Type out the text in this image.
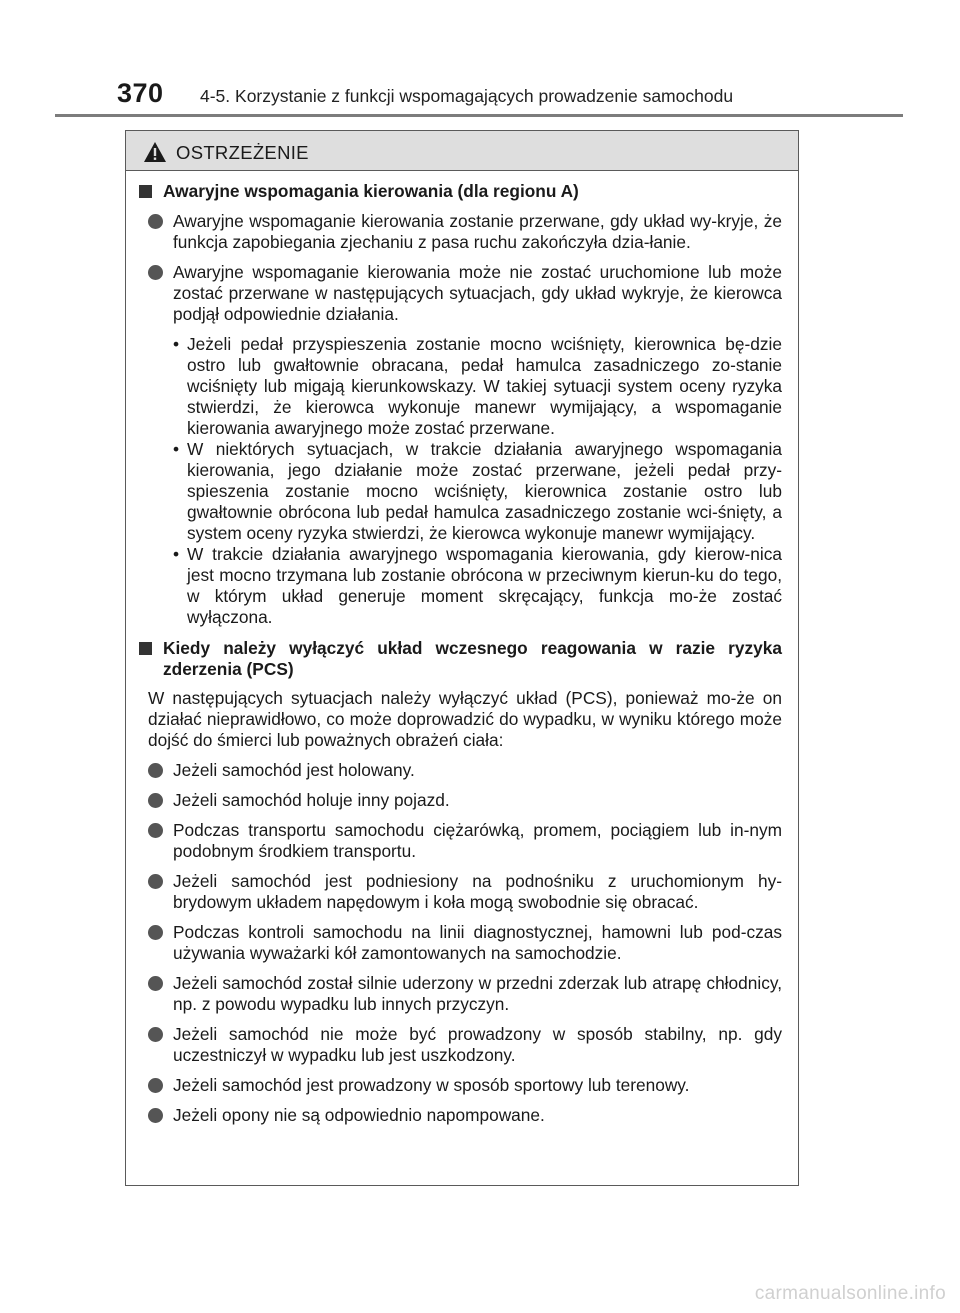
370 4-5. Korzystanie z funkcji wspomagających prowadzenie samochodu
OSTRZEŻENIE
Awaryjne wspomagania kierowania (dla regionu A)
Awaryjne wspomaganie kierowania zostanie przerwane, gdy układ wy-kryje, że funkcja zapobiegania zjechaniu z pasa ruchu zakończyła dzia-łanie.
Awaryjne wspomaganie kierowania może nie zostać uruchomione lub może zostać przerwane w następujących sytuacjach, gdy układ wykryje, że kierowca podjął odpowiednie działania.
• Jeżeli pedał przyspieszenia zostanie mocno wciśnięty, kierownica bę-dzie ostro lub gwałtownie obracana, pedał hamulca zasadniczego zo-stanie wciśnięty lub migają kierunkowskazy. W takiej sytuacji system oceny ryzyka stwierdzi, że kierowca wykonuje manewr wymijający, a wspomaganie kierowania awaryjnego może zostać przerwane.
• W niektórych sytuacjach, w trakcie działania awaryjnego wspomagania kierowania, jego działanie może zostać przerwane, jeżeli pedał przy-spieszenia zostanie mocno wciśnięty, kierownica zostanie ostro lub gwałtownie obrócona lub pedał hamulca zasadniczego zostanie wci-śnięty, a system oceny ryzyka stwierdzi, że kierowca wykonuje manewr wymijający.
• W trakcie działania awaryjnego wspomagania kierowania, gdy kierow-nica jest mocno trzymana lub zostanie obrócona w przeciwnym kierun-ku do tego, w którym układ generuje moment skręcający, funkcja mo-że zostać wyłączona.
Kiedy należy wyłączyć układ wczesnego reagowania w razie ryzyka zderzenia (PCS)
W następujących sytuacjach należy wyłączyć układ (PCS), ponieważ mo-że on działać nieprawidłowo, co może doprowadzić do wypadku, w wyniku którego może dojść do śmierci lub poważnych obrażeń ciała:
Jeżeli samochód jest holowany.
Jeżeli samochód holuje inny pojazd.
Podczas transportu samochodu ciężarówką, promem, pociągiem lub in-nym podobnym środkiem transportu.
Jeżeli samochód jest podniesiony na podnośniku z uruchomionym hy-brydowym układem napędowym i koła mogą swobodnie się obracać.
Podczas kontroli samochodu na linii diagnostycznej, hamowni lub pod-czas używania wyważarki kół zamontowanych na samochodzie.
Jeżeli samochód został silnie uderzony w przedni zderzak lub atrapę chłodnicy, np. z powodu wypadku lub innych przyczyn.
Jeżeli samochód nie może być prowadzony w sposób stabilny, np. gdy uczestniczył w wypadku lub jest uszkodzony.
Jeżeli samochód jest prowadzony w sposób sportowy lub terenowy.
Jeżeli opony nie są odpowiednio napompowane.
carmanualsonline.info
